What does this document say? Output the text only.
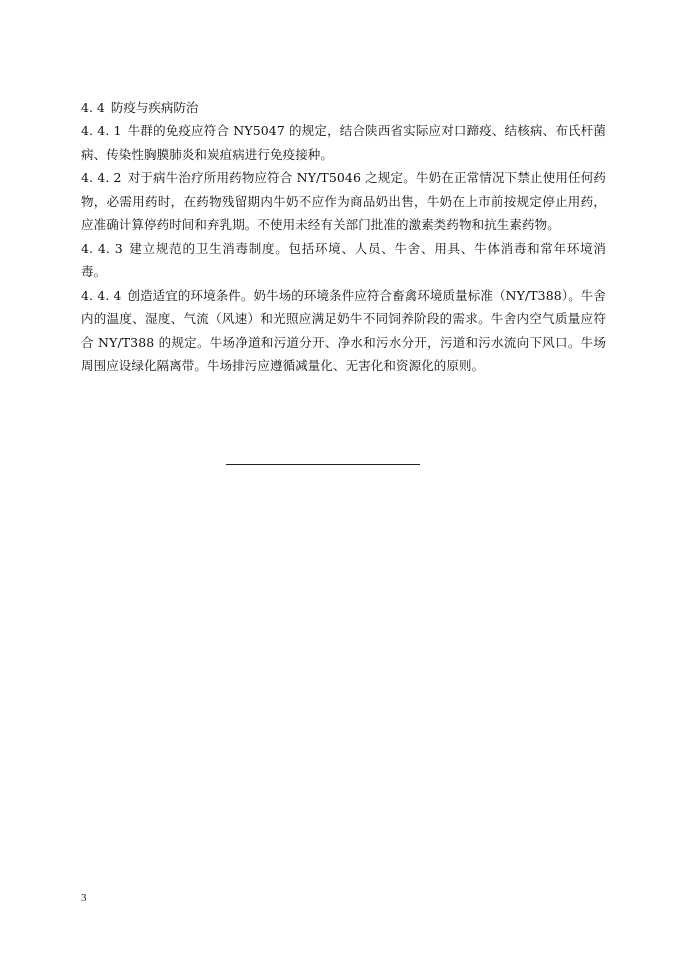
4. 4 防疫与疾病防治

4. 4. 1 牛群的免疫应符合 NY5047 的规定，结合陕西省实际应对口蹄疫、结核病、布氏杆菌病、传染性胸膜肺炎和炭疽病进行免疫接种。

4. 4. 2 对于病牛治疗所用药物应符合 NY/T5046 之规定。牛奶在正常情况下禁止使用任何药物，必需用药时，在药物残留期内牛奶不应作为商品奶出售，牛奶在上市前按规定停止用药，应准确计算停药时间和弃乳期。不使用未经有关部门批准的激素类药物和抗生素药物。

4. 4. 3 建立规范的卫生消毒制度。包括环境、人员、牛舍、用具、牛体消毒和常年环境消毒。

4. 4. 4 创造适宜的环境条件。奶牛场的环境条件应符合畜禽环境质量标准（NY/T388）。牛舍内的温度、湿度、气流（风速）和光照应满足奶牛不同饲养阶段的需求。牛舍内空气质量应符合 NY/T388 的规定。牛场净道和污道分开、净水和污水分开，污道和污水流向下风口。牛场周围应设绿化隔离带。牛场排污应遵循减量化、无害化和资源化的原则。

3
